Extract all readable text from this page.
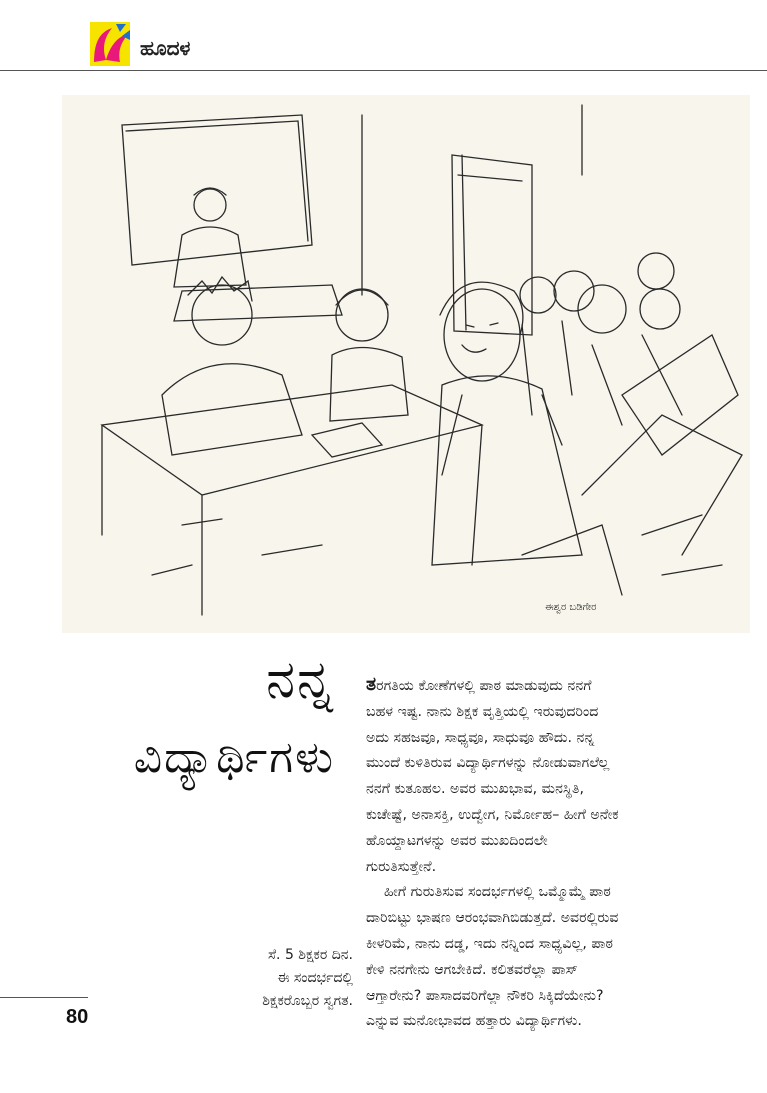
ಹೂದಳ
ಈಶ್ವರ ಬಡಿಗೇರ
ನನ್ನ
ವಿದ್ಯಾರ್ಥಿಗಳು
ಸೆ. 5 ಶಿಕ್ಷಕರ ದಿನ.
ಈ ಸಂದರ್ಭದಲ್ಲಿ
ಶಿಕ್ಷಕರೊಬ್ಬರ ಸ್ವಗತ.
80
ತರಗತಿಯ ಕೋಣೆಗಳಲ್ಲಿ ಪಾಠ ಮಾಡುವುದು ನನಗೆ
ಬಹಳ ಇಷ್ಟ. ನಾನು ಶಿಕ್ಷಕ ವೃತ್ತಿಯಲ್ಲಿ ಇರುವುದರಿಂದ
ಅದು ಸಹಜವೂ, ಸಾಧ್ಯವೂ, ಸಾಧುವೂ ಹೌದು. ನನ್ನ
ಮುಂದೆ ಕುಳಿತಿರುವ ವಿದ್ಯಾರ್ಥಿಗಳನ್ನು ನೋಡುವಾಗಲೆಲ್ಲ
ನನಗೆ ಕುತೂಹಲ. ಅವರ ಮುಖಭಾವ, ಮನಸ್ಥಿತಿ,
ಕುಚೇಷ್ಟೆ, ಅನಾಸಕ್ತಿ, ಉದ್ವೇಗ, ನಿರ್ಮೋಹ– ಹೀಗೆ ಅನೇಕ
ಹೊಯ್ದಾಟಗಳನ್ನು ಅವರ ಮುಖದಿಂದಲೇ
ಗುರುತಿಸುತ್ತೇನೆ.
ಹೀಗೆ ಗುರುತಿಸುವ ಸಂದರ್ಭಗಳಲ್ಲಿ ಒಮ್ಮೊಮ್ಮೆ ಪಾಠ
ದಾರಿಬಿಟ್ಟು ಭಾಷಣ ಆರಂಭವಾಗಿಬಿಡುತ್ತದೆ. ಅವರಲ್ಲಿರುವ
ಕೀಳರಿಮೆ, ನಾನು ದಡ್ಡ, ಇದು ನನ್ನಿಂದ ಸಾಧ್ಯವಿಲ್ಲ, ಪಾಠ
ಕೇಳಿ ನನಗೇನು ಆಗಬೇಕಿದೆ. ಕಲಿತವರೆಲ್ಲಾ ಪಾಸ್
ಆಗ್ತಾರೇನು? ಪಾಸಾದವರಿಗೆಲ್ಲಾ ನೌಕರಿ ಸಿಕ್ಕಿದೆಯೇನು?
ಎನ್ನುವ ಮನೋಭಾವದ ಹತ್ತಾರು ವಿದ್ಯಾರ್ಥಿಗಳು.
